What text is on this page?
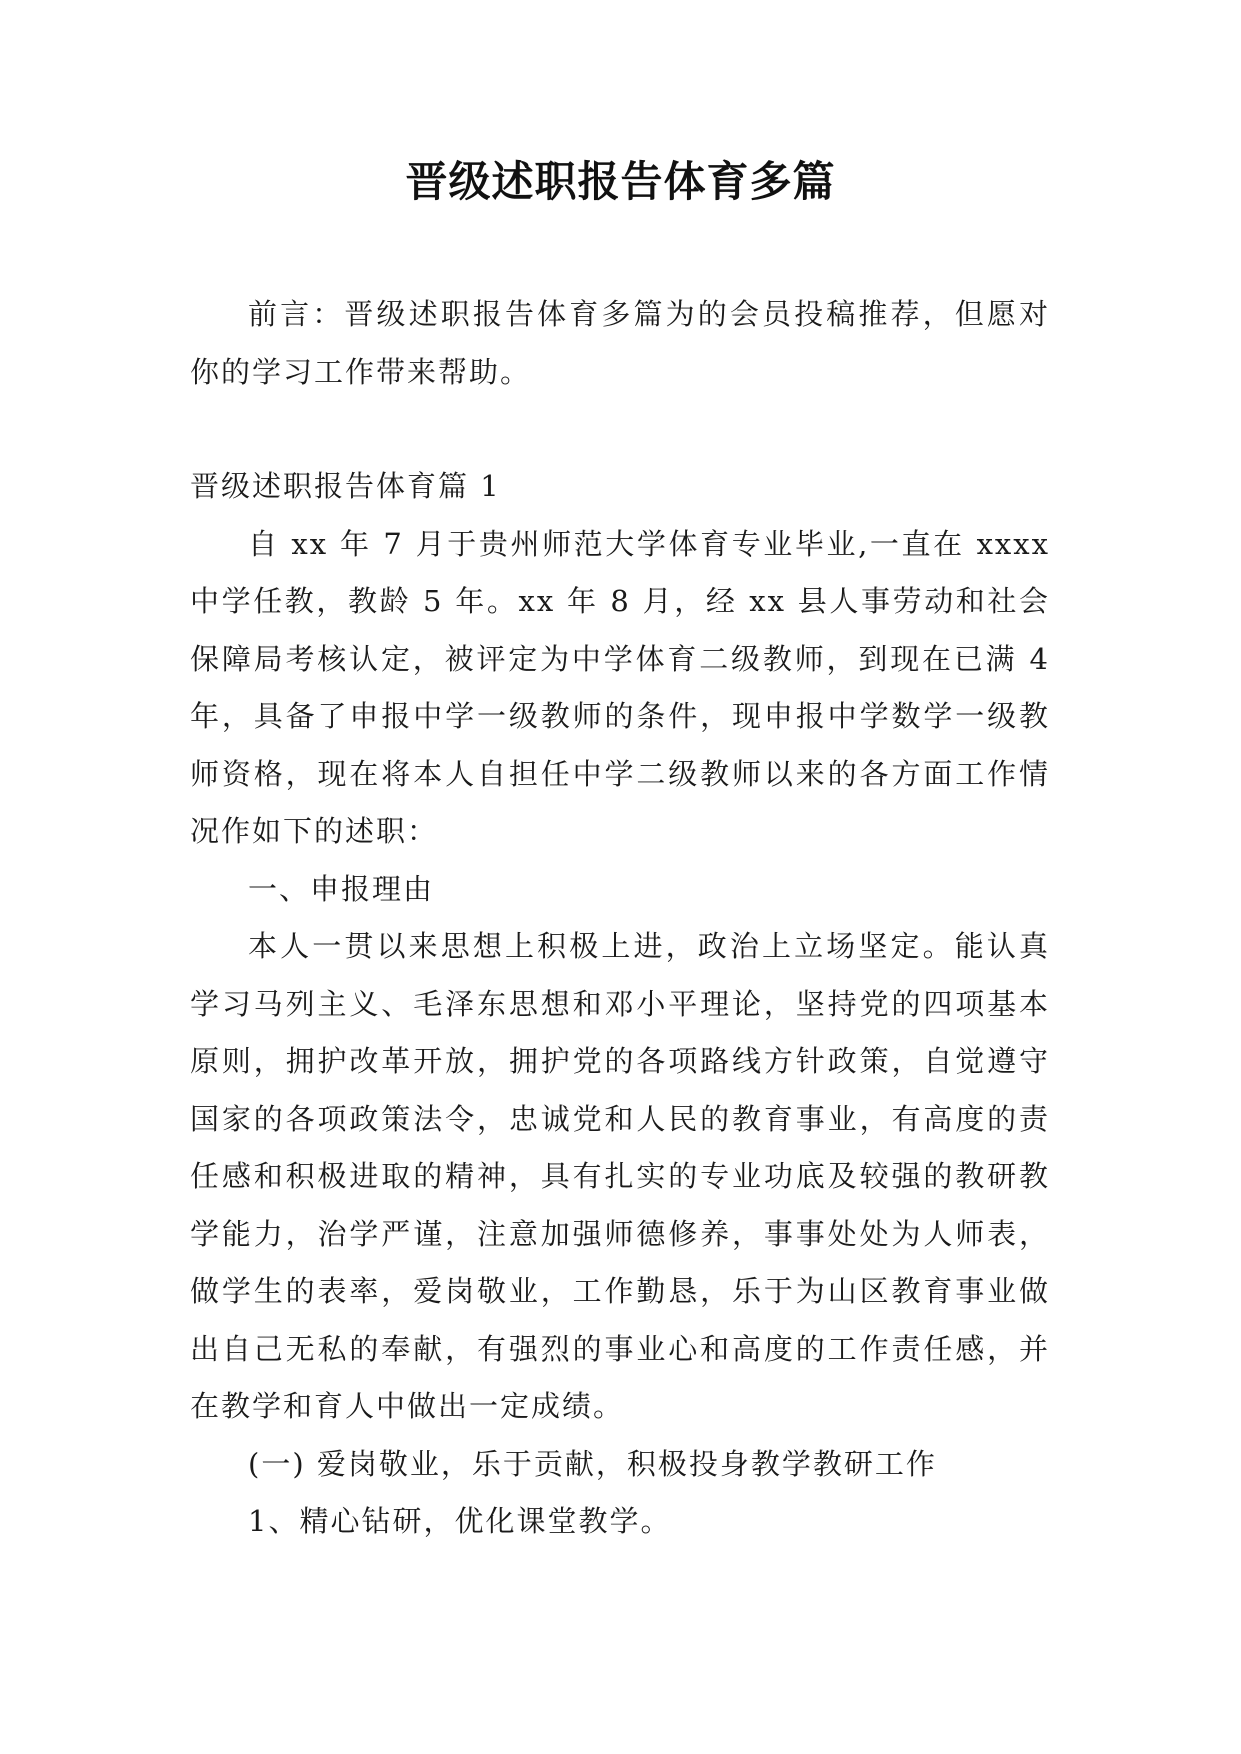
晋级述职报告体育多篇

前言：晋级述职报告体育多篇为的会员投稿推荐，但愿对你的学习工作带来帮助。

晋级述职报告体育篇 1

自 xx 年 7 月于贵州师范大学体育专业毕业,一直在 xxxx 中学任教，教龄 5 年。xx 年 8 月，经 xx 县人事劳动和社会保障局考核认定，被评定为中学体育二级教师，到现在已满 4 年，具备了申报中学一级教师的条件，现申报中学数学一级教师资格，现在将本人自担任中学二级教师以来的各方面工作情况作如下的述职：

一、申报理由

本人一贯以来思想上积极上进，政治上立场坚定。能认真学习马列主义、毛泽东思想和邓小平理论，坚持党的四项基本原则，拥护改革开放，拥护党的各项路线方针政策，自觉遵守国家的各项政策法令，忠诚党和人民的教育事业，有高度的责任感和积极进取的精神，具有扎实的专业功底及较强的教研教学能力，治学严谨，注意加强师德修养，事事处处为人师表，做学生的表率，爱岗敬业，工作勤恳，乐于为山区教育事业做出自己无私的奉献，有强烈的事业心和高度的工作责任感，并在教学和育人中做出一定成绩。

(一) 爱岗敬业，乐于贡献，积极投身教学教研工作

1、精心钻研，优化课堂教学。
